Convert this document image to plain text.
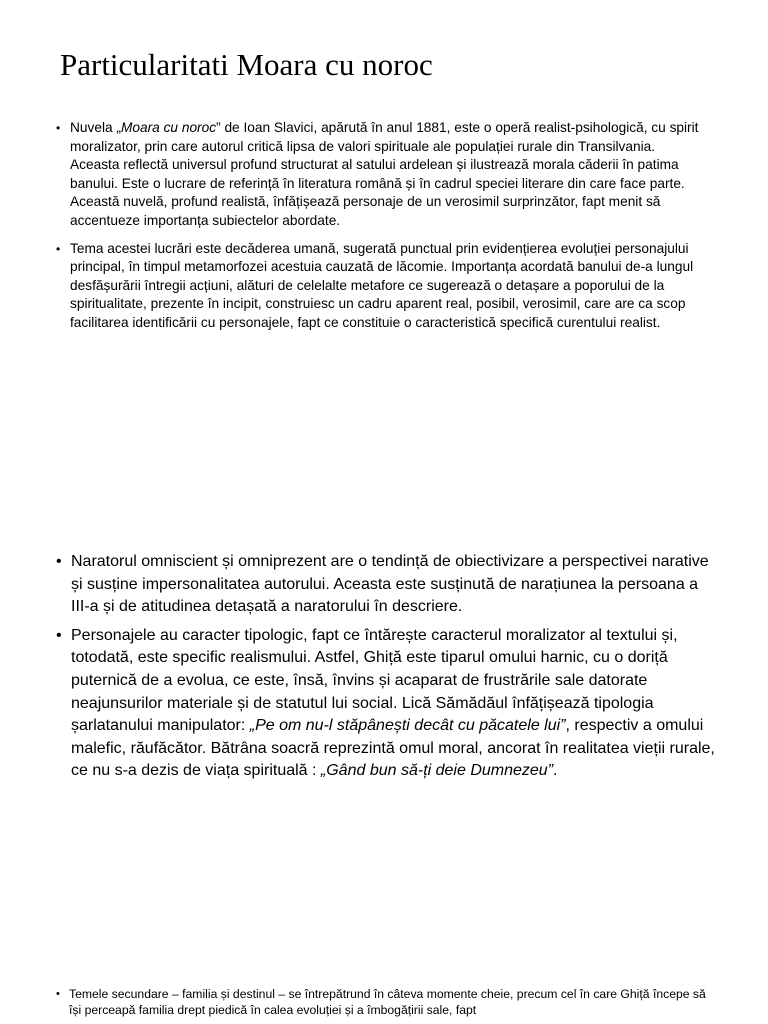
Particularitati Moara cu noroc
• Nuvela „Moara cu noroc” de Ioan Slavici, apărută în anul 1881, este o operă realist-psihologică, cu spirit moralizator, prin care autorul critică lipsa de valori spirituale ale populației rurale din Transilvania. Aceasta reflectă universul profund structurat al satului ardelean și ilustrează morala căderii în patima banului. Este o lucrare de referință în literatura română și în cadrul speciei literare din care face parte. Această nuvelă, profund realistă, înfățișează personaje de un verosimil surprinzător, fapt menit să accentueze importanța subiectelor abordate.
• Tema acestei lucrări este decăderea umană, sugerată punctual prin evidențierea evoluției personajului principal, în timpul metamorfozei acestuia cauzată de lăcomie. Importanța acordată banului de-a lungul desfășurării întregii acțiuni, alături de celelalte metafore ce sugerează o detașare a poporului de la spiritualitate, prezente în incipit, construiesc un cadru aparent real, posibil, verosimil, care are ca scop facilitarea identificării cu personajele, fapt ce constituie o caracteristică specifică curentului realist.
• Naratorul omniscient și omniprezent are o tendință de obiectivizare a perspectivei narative și susține impersonalitatea autorului. Aceasta este susținută de narațiunea la persoana a III-a și de atitudinea detașată a naratorului în descriere.
• Personajele au caracter tipologic, fapt ce întărește caracterul moralizator al textului și, totodată, este specific realismului. Astfel, Ghiță este tiparul omului harnic, cu o doriță puternică de a evolua, ce este, însă, învins și acaparat de frustrările sale datorate neajunsurilor materiale și de statutul lui social. Lică Sămădăul înfățișează tipologia șarlatanului manipulator: „Pe om nu-l stăpânești decât cu păcatele lui”, respectiv a omului malefic, răufăcător. Bătrâna soacră reprezintă omul moral, ancorat în realitatea vieții rurale, ce nu s-a dezis de viața spirituală : „Gând bun să-ți deie Dumnezeu”.
• Temele secundare – familia și destinul – se întrepătrund în câteva momente cheie, precum cel în care Ghiță începe să își perceapă familia drept piedică în calea evoluției și a îmbogățirii sale, fapt
